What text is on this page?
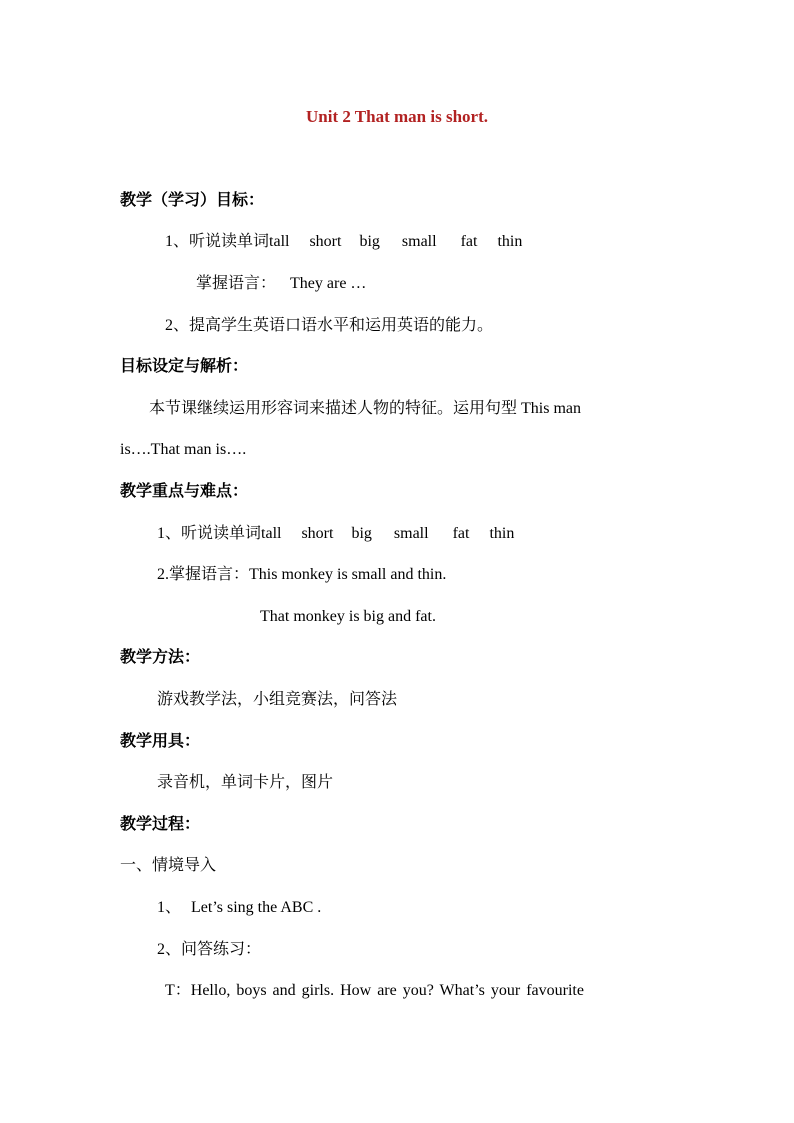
Unit 2 That man is short.
教学（学习）目标：
1、听说读单词tall short big small fat thin
掌握语言： They are …
2、提高学生英语口语水平和运用英语的能力。
目标设定与解析：
本节课继续运用形容词来描述人物的特征。运用句型 This man
is….That man is….
教学重点与难点：
1、听说读单词tall short big small fat thin
2.掌握语言：This monkey is small and thin.
That monkey is big and fat.
教学方法：
游戏教学法，小组竞赛法，问答法
教学用具：
录音机，单词卡片，图片
教学过程：
一、情境导入
1、 Let’s sing the ABC .
2、问答练习：
T：Hello, boys and girls. How are you? What’s your favourite
